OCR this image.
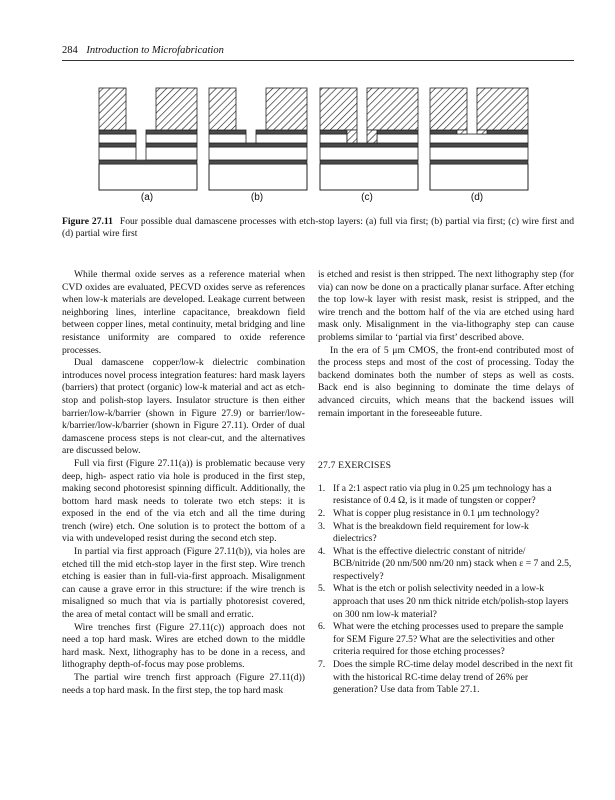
284 Introduction to Microfabrication
(a)	(b)	(c)	(d)
Figure 27.11 Four possible dual damascene processes with etch-stop layers: (a) full via first; (b) partial via first; (c) wire first and (d) partial wire first

While thermal oxide serves as a reference material when CVD oxides are evaluated, PECVD oxides serve as references when low-k materials are developed. Leakage current between neighboring lines, interline capacitance, breakdown field between copper lines, metal continuity, metal bridging and line resistance uniformity are compared to oxide reference processes.

Dual damascene copper/low-k dielectric combination introduces novel process integration features: hard mask layers (barriers) that protect (organic) low-k material and act as etch-stop and polish-stop layers. Insulator structure is then either barrier/low-k/barrier (shown in Figure 27.9) or barrier/low-k/barrier/low-k/barrier (shown in Figure 27.11). Order of dual damascene process steps is not clear-cut, and the alternatives are discussed below.

Full via first (Figure 27.11(a)) is problematic because very deep, high- aspect ratio via hole is produced in the first step, making second photoresist spinning difficult. Additionally, the bottom hard mask needs to tolerate two etch steps: it is exposed in the end of the via etch and all the time during trench (wire) etch. One solution is to protect the bottom of a via with undeveloped resist during the second etch step.

In partial via first approach (Figure 27.11(b)), via holes are etched till the mid etch-stop layer in the first step. Wire trench etching is easier than in full-via-first approach. Misalignment can cause a grave error in this structure: if the wire trench is misaligned so much that via is partially photoresist covered, the area of metal contact will be small and erratic.

Wire trenches first (Figure 27.11(c)) approach does not need a top hard mask. Wires are etched down to the middle hard mask. Next, lithography has to be done in a recess, and lithography depth-of-focus may pose problems.

The partial wire trench first approach (Figure 27.11(d)) needs a top hard mask. In the first step, the top hard mask

is etched and resist is then stripped. The next lithography step (for via) can now be done on a practically planar surface. After etching the top low-k layer with resist mask, resist is stripped, and the wire trench and the bottom half of the via are etched using hard mask only. Misalignment in the via-lithography step can cause problems similar to ‘partial via first’ described above.

In the era of 5 μm CMOS, the front-end contributed most of the process steps and most of the cost of processing. Today the backend dominates both the number of steps as well as costs. Back end is also beginning to dominate the time delays of advanced circuits, which means that the backend issues will remain important in the foreseeable future.

27.7 EXERCISES
1. If a 2:1 aspect ratio via plug in 0.25 μm technology has a resistance of 0.4 Ω, is it made of tungsten or copper?
2. What is copper plug resistance in 0.1 μm technology?
3. What is the breakdown field requirement for low-k dielectrics?
4. What is the effective dielectric constant of nitride/ BCB/nitride (20 nm/500 nm/20 nm) stack when ε = 7 and 2.5, respectively?
5. What is the etch or polish selectivity needed in a low-k approach that uses 20 nm thick nitride etch/polish-stop layers on 300 nm low-k material?
6. What were the etching processes used to prepare the sample for SEM Figure 27.5? What are the selectivities and other criteria required for those etching processes?
7. Does the simple RC-time delay model described in the next fit with the historical RC-time delay trend of 26% per generation? Use data from Table 27.1.
